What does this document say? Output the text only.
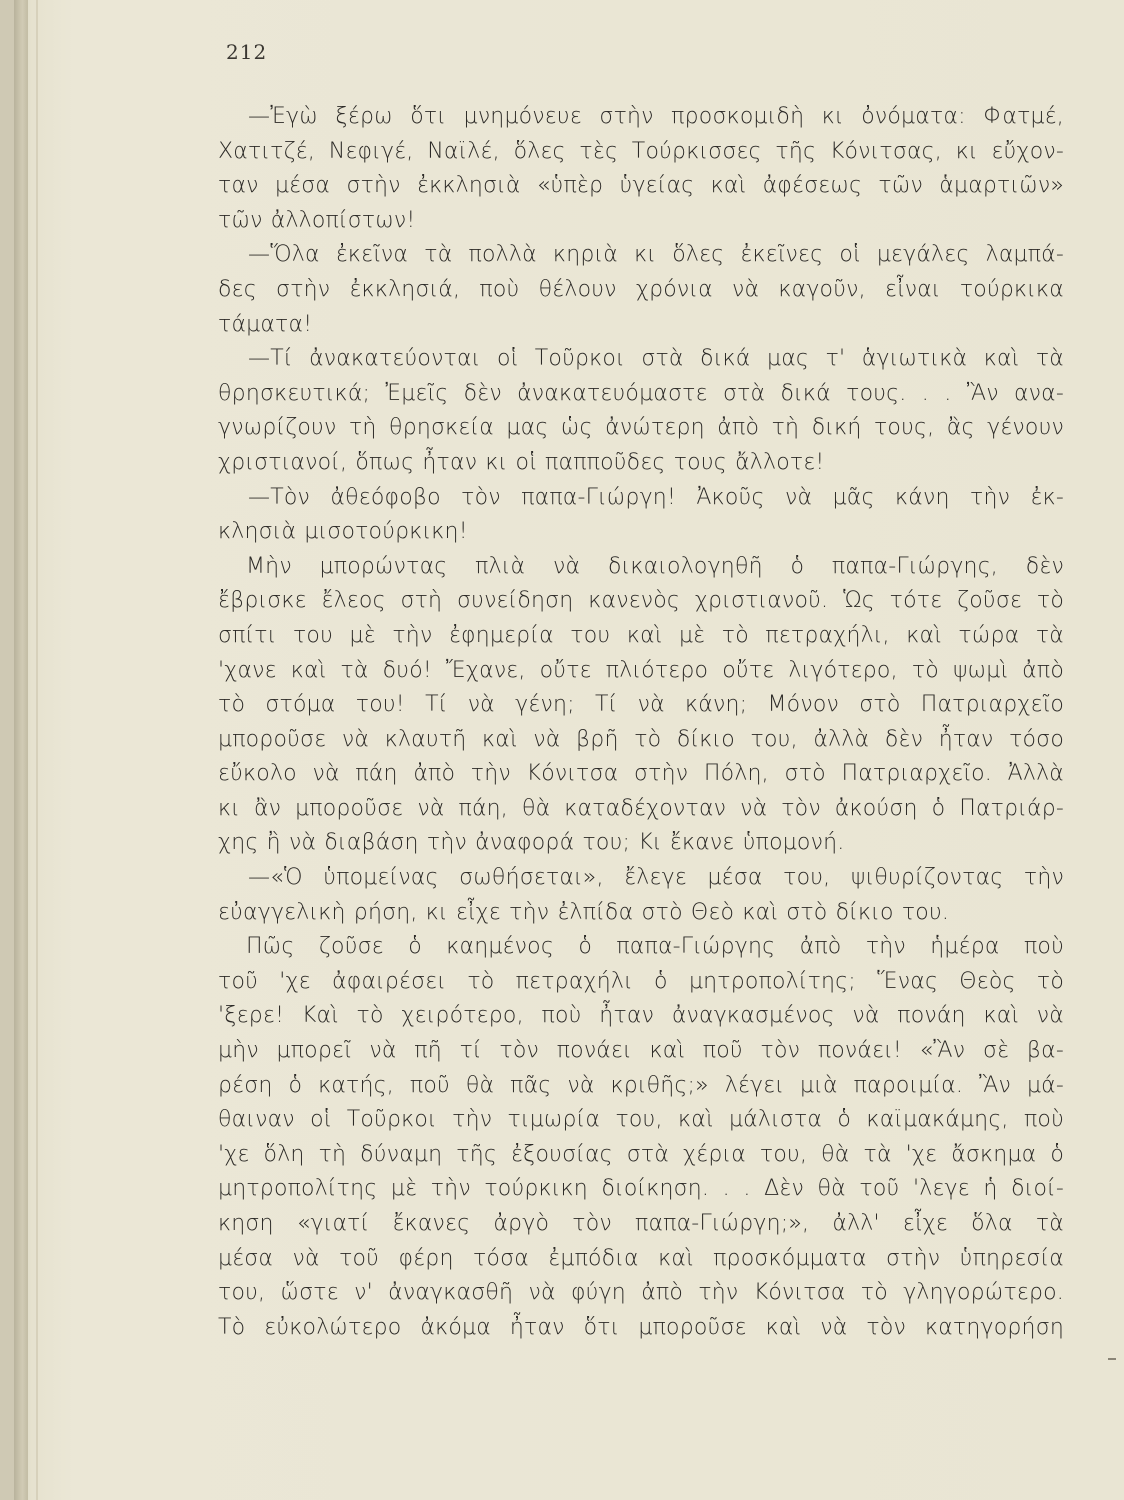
212
—Ἐγὼ ξέρω ὅτι μνημόνευε στὴν προσκομιδὴ κι ὀνόματα: Φατμέ,
Χατιτζέ, Νεφιγέ, Ναϊλέ, ὅλες τὲς Τούρκισσες τῆς Κόνιτσας, κι εὔχον-
ταν μέσα στὴν ἐκκλησιὰ «ὑπὲρ ὑγείας καὶ ἀφέσεως τῶν ἁμαρτιῶν»
τῶν ἀλλοπίστων!
—Ὅλα ἐκεῖνα τὰ πολλὰ κηριὰ κι ὅλες ἐκεῖνες οἱ μεγάλες λαμπά-
δες στὴν ἐκκλησιά, ποὺ θέλουν χρόνια νὰ καγοῦν, εἶναι τούρκικα
τάματα!
—Τί ἀνακατεύονται οἱ Τοῦρκοι στὰ δικά μας τ' ἁγιωτικὰ καὶ τὰ
θρησκευτικά; Ἐμεῖς δὲν ἀνακατευόμαστε στὰ δικά τους. . . Ἂν ανα-
γνωρίζουν τὴ θρησκεία μας ὡς ἀνώτερη ἀπὸ τὴ δική τους, ἂς γένουν
χριστιανοί, ὅπως ἦταν κι οἱ παπποῦδες τους ἄλλοτε!
—Τὸν ἀθεόφοβο τὸν παπα-Γιώργη! Ἀκοῦς νὰ μᾶς κάνη τὴν ἐκ-
κλησιὰ μισοτούρκικη!
Μὴν μπορώντας πλιὰ νὰ δικαιολογηθῆ ὁ παπα-Γιώργης, δὲν
ἔβρισκε ἔλεος στὴ συνείδηση κανενὸς χριστιανοῦ. Ὡς τότε ζοῦσε τὸ
σπίτι του μὲ τὴν ἐφημερία του καὶ μὲ τὸ πετραχήλι, καὶ τώρα τὰ
'χανε καὶ τὰ δυό! Ἔχανε, οὔτε πλιότερο οὔτε λιγότερο, τὸ ψωμὶ ἀπὸ
τὸ στόμα του! Τί νὰ γένη; Τί νὰ κάνη; Μόνον στὸ Πατριαρχεῖο
μποροῦσε νὰ κλαυτῆ καὶ νὰ βρῆ τὸ δίκιο του, ἀλλὰ δὲν ἦταν τόσο
εὔκολο νὰ πάη ἀπὸ τὴν Κόνιτσα στὴν Πόλη, στὸ Πατριαρχεῖο. Ἀλλὰ
κι ἂν μποροῦσε νὰ πάη, θὰ καταδέχονταν νὰ τὸν ἀκούση ὁ Πατριάρ-
χης ἢ νὰ διαβάση τὴν ἀναφορά του; Κι ἔκανε ὑπομονή.
—«Ὁ ὑπομείνας σωθήσεται», ἔλεγε μέσα του, ψιθυρίζοντας τὴν
εὐαγγελικὴ ρήση, κι εἶχε τὴν ἐλπίδα στὸ Θεὸ καὶ στὸ δίκιο του.
Πῶς ζοῦσε ὁ καημένος ὁ παπα-Γιώργης ἀπὸ τὴν ἡμέρα ποὺ
τοῦ 'χε ἀφαιρέσει τὸ πετραχήλι ὁ μητροπολίτης; Ἕνας Θεὸς τὸ
'ξερε! Καὶ τὸ χειρότερο, ποὺ ἦταν ἀναγκασμένος νὰ πονάη καὶ νὰ
μὴν μπορεῖ νὰ πῆ τί τὸν πονάει καὶ ποῦ τὸν πονάει! «Ἂν σὲ βα-
ρέση ὁ κατής, ποῦ θὰ πᾶς νὰ κριθῆς;» λέγει μιὰ παροιμία. Ἂν μά-
θαιναν οἱ Τοῦρκοι τὴν τιμωρία του, καὶ μάλιστα ὁ καϊμακάμης, ποὺ
'χε ὅλη τὴ δύναμη τῆς ἐξουσίας στὰ χέρια του, θὰ τὰ 'χε ἄσκημα ὁ
μητροπολίτης μὲ τὴν τούρκικη διοίκηση. . . Δὲν θὰ τοῦ 'λεγε ἡ διοί-
κηση «γιατί ἔκανες ἀργὸ τὸν παπα-Γιώργη;», ἀλλ' εἶχε ὅλα τὰ
μέσα νὰ τοῦ φέρη τόσα ἐμπόδια καὶ προσκόμματα στὴν ὑπηρεσία
του, ὥστε ν' ἀναγκασθῆ νὰ φύγη ἀπὸ τὴν Κόνιτσα τὸ γληγορώτερο.
Τὸ εὐκολώτερο ἀκόμα ἦταν ὅτι μποροῦσε καὶ νὰ τὸν κατηγορήση
